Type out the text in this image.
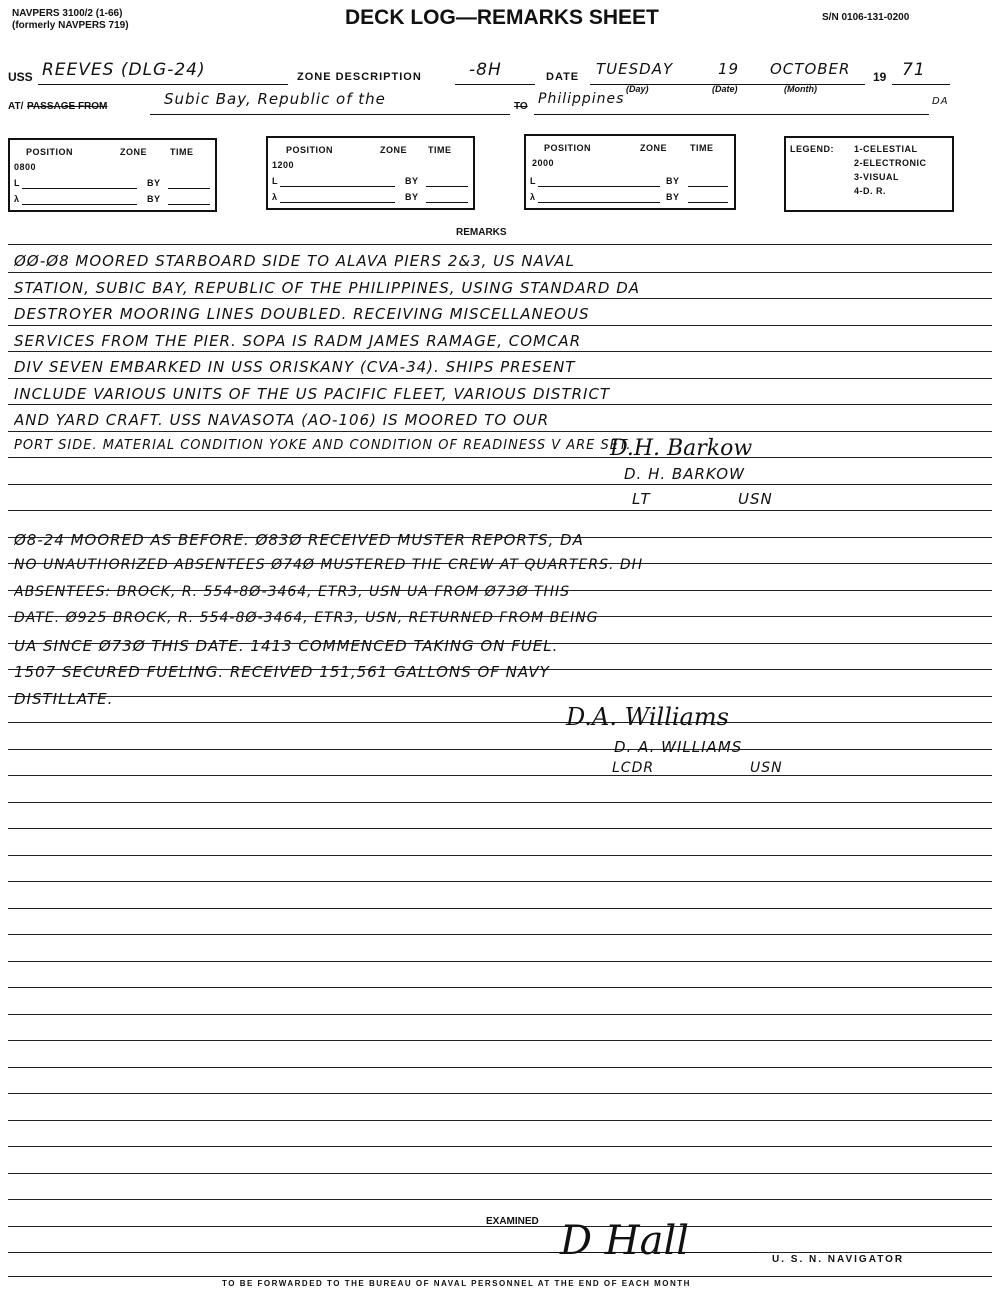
NAVPERS 3100/2 (1-66)
(formerly NAVPERS 719)	DECK LOG—REMARKS SHEET	S/N 0106-131-0200
USS REEVES (DLG-24)	ZONE DESCRIPTION	-8H	DATE TUESDAY	19 OCTOBER 19 71
(Day)	(Date)	(Month)
AT/ PASSAGE FROM	Subic Bay, Republic of the	TO Philippines	DA
POSITION	ZONE	TIME
0800
L	BY
λ	BY
POSITION	ZONE TIME
1200
L	BY
λ	BY
POSITION	ZONE	TIME
2000
L	BY
λ	BY
LEGEND: 1-CELESTIAL
2-ELECTRONIC
3-VISUAL
4-D. R.
REMARKS
ØØ-Ø8 MOORED STARBOARD SIDE TO ALAVA PIERS 2&3, US NAVAL
STATION, SUBIC BAY, REPUBLIC OF THE PHILIPPINES, USING STANDARD DA
DESTROYER MOORING LINES DOUBLED. RECEIVING MISCELLANEOUS
SERVICES FROM THE PIER. SOPA IS RADM JAMES RAMAGE, COMCAR
DIV SEVEN EMBARKED IN USS ORISKANY (CVA-34). SHIPS PRESENT
INCLUDE VARIOUS UNITS OF THE US PACIFIC FLEET, VARIOUS DISTRICT
AND YARD CRAFT. USS NAVASOTA (AO-106) IS MOORED TO OUR
PORT SIDE. MATERIAL CONDITION YOKE AND CONDITION OF READINESS V ARE SET.
D.H. Barkow
D. H. BARKOW
LT	USN
Ø8-24 MOORED AS BEFORE. Ø83Ø RECEIVED MUSTER REPORTS, DA
NO UNAUTHORIZED ABSENTEES Ø74Ø MUSTERED THE CREW AT QUARTERS. DH
ABSENTEES: BROCK, R. 554-8Ø-3464, ETR3, USN UA FROM Ø73Ø THIS
DATE. Ø925 BROCK, R. 554-8Ø-3464, ETR3, USN, RETURNED FROM BEING
UA SINCE Ø73Ø THIS DATE. 1413 COMMENCED TAKING ON FUEL.
1507 SECURED FUELING. RECEIVED 151,561 GALLONS OF NAVY
DISTILLATE.
D.A. Williams
D. A. WILLIAMS
LCDR	USN
EXAMINED D Hall	U. S. N. NAVIGATOR
TO BE FORWARDED TO THE BUREAU OF NAVAL PERSONNEL AT THE END OF EACH MONTH
